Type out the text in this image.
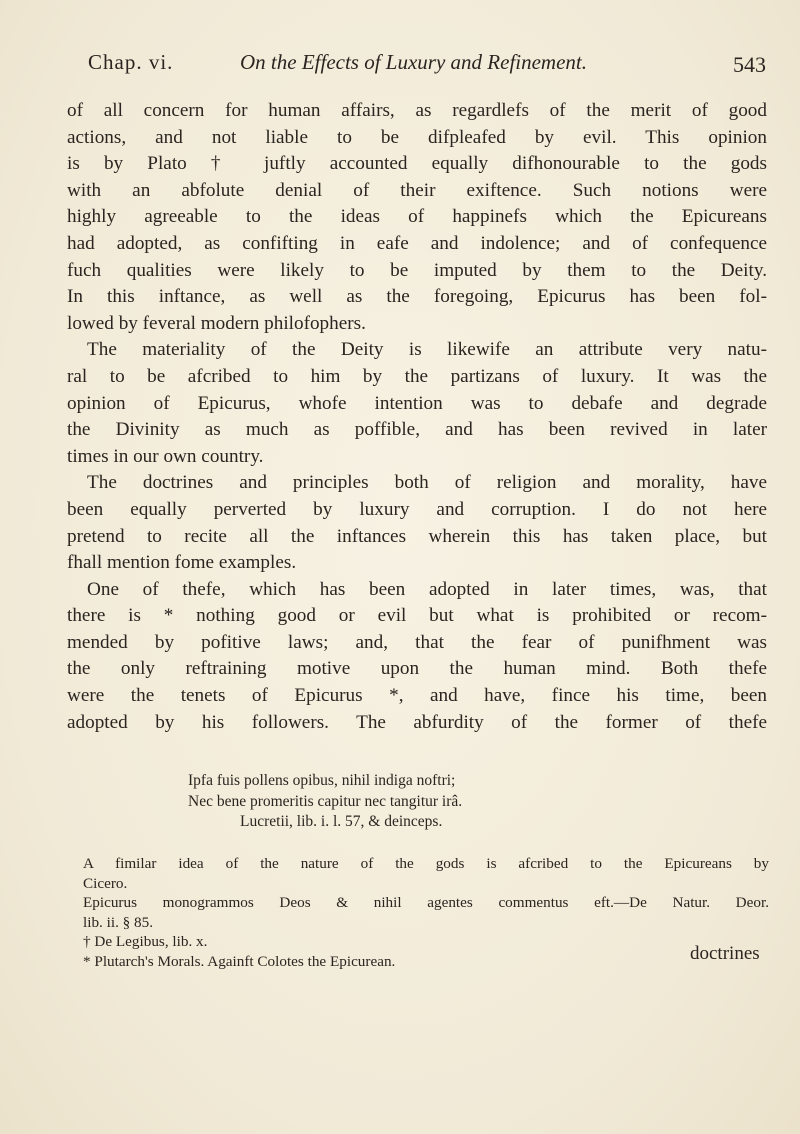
Chap. vi.	On the Effects of Luxury and Refinement.	543
of all concern for human affairs, as regardlefs of the merit of good
actions, and not liable to be difpleafed by evil. This opinion
is by Plato † juftly accounted equally difhonourable to the gods
with an abfolute denial of their exiftence. Such notions were
highly agreeable to the ideas of happinefs which the Epicureans
had adopted, as confifting in eafe and indolence; and of confequence
fuch qualities were likely to be imputed by them to the Deity.
In this inftance, as well as the foregoing, Epicurus has been fol-
lowed by feveral modern philofophers.
The materiality of the Deity is likewife an attribute very natu-
ral to be afcribed to him by the partizans of luxury. It was the
opinion of Epicurus, whofe intention was to debafe and degrade
the Divinity as much as poffible, and has been revived in later
times in our own country.
The doctrines and principles both of religion and morality, have
been equally perverted by luxury and corruption. I do not here
pretend to recite all the inftances wherein this has taken place, but
fhall mention fome examples.
One of thefe, which has been adopted in later times, was, that
there is * nothing good or evil but what is prohibited or recom-
mended by pofitive laws; and, that the fear of punifhment was
the only reftraining motive upon the human mind. Both thefe
were the tenets of Epicurus *, and have, fince his time, been
adopted by his followers. The abfurdity of the former of thefe
Ipfa fuis pollens opibus, nihil indiga noftri;
Nec bene promeritis capitur nec tangitur irâ.
Lucretii, lib. i. l. 57, & deinceps.
A fimilar idea of the nature of the gods is afcribed to the Epicureans by
Cicero.
Epicurus monogrammos Deos & nihil agentes commentus eft.—De Natur. Deor.
lib. ii. § 85.
† De Legibus, lib. x.
* Plutarch's Morals. Againft Colotes the Epicurean.	doctrines
